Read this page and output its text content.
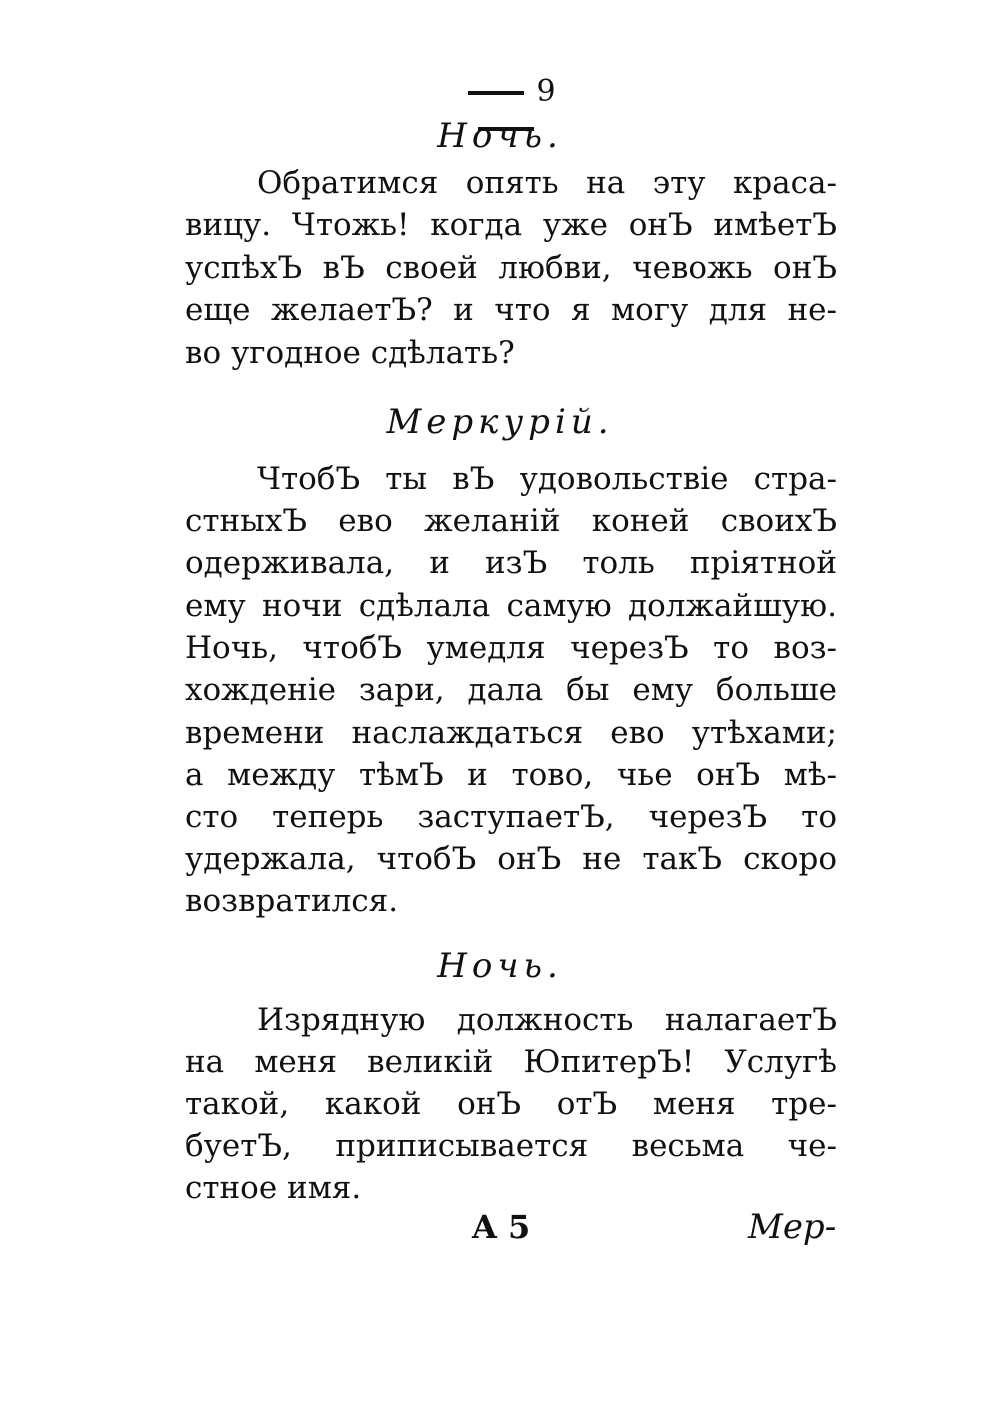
9
Ночь.
Обратимся опять на эту краса-
вицу. Чтожь! когда уже онЪ имѣетЪ
успѣхЪ вЪ своей любви, чевожь онЪ
еще желаетЪ? и что я могу для не-
во угодное сдѣлать?
Меркурій.
ЧтобЪ ты вЪ удовольствіе стра-
стныхЪ ево желаній коней своихЪ
одерживала, и изЪ толь пріятной
ему ночи сдѣлала самую должайшую.
Ночь, чтобЪ умедля черезЪ то воз-
хожденіе зари, дала бы ему больше
времени наслаждаться ево утѣхами;
а между тѣмЪ и тово, чье онЪ мѣ-
сто теперь заступаетЪ, черезЪ то
удержала, чтобЪ онЪ не такЪ скоро
возвратился.
Ночь.
Изрядную должность налагаетЪ
на меня великій ЮпитерЪ! Услугѣ
такой, какой онЪ отЪ меня тре-
буетЪ, приписывается весьма че-
стное имя.
A 5	Мер-
